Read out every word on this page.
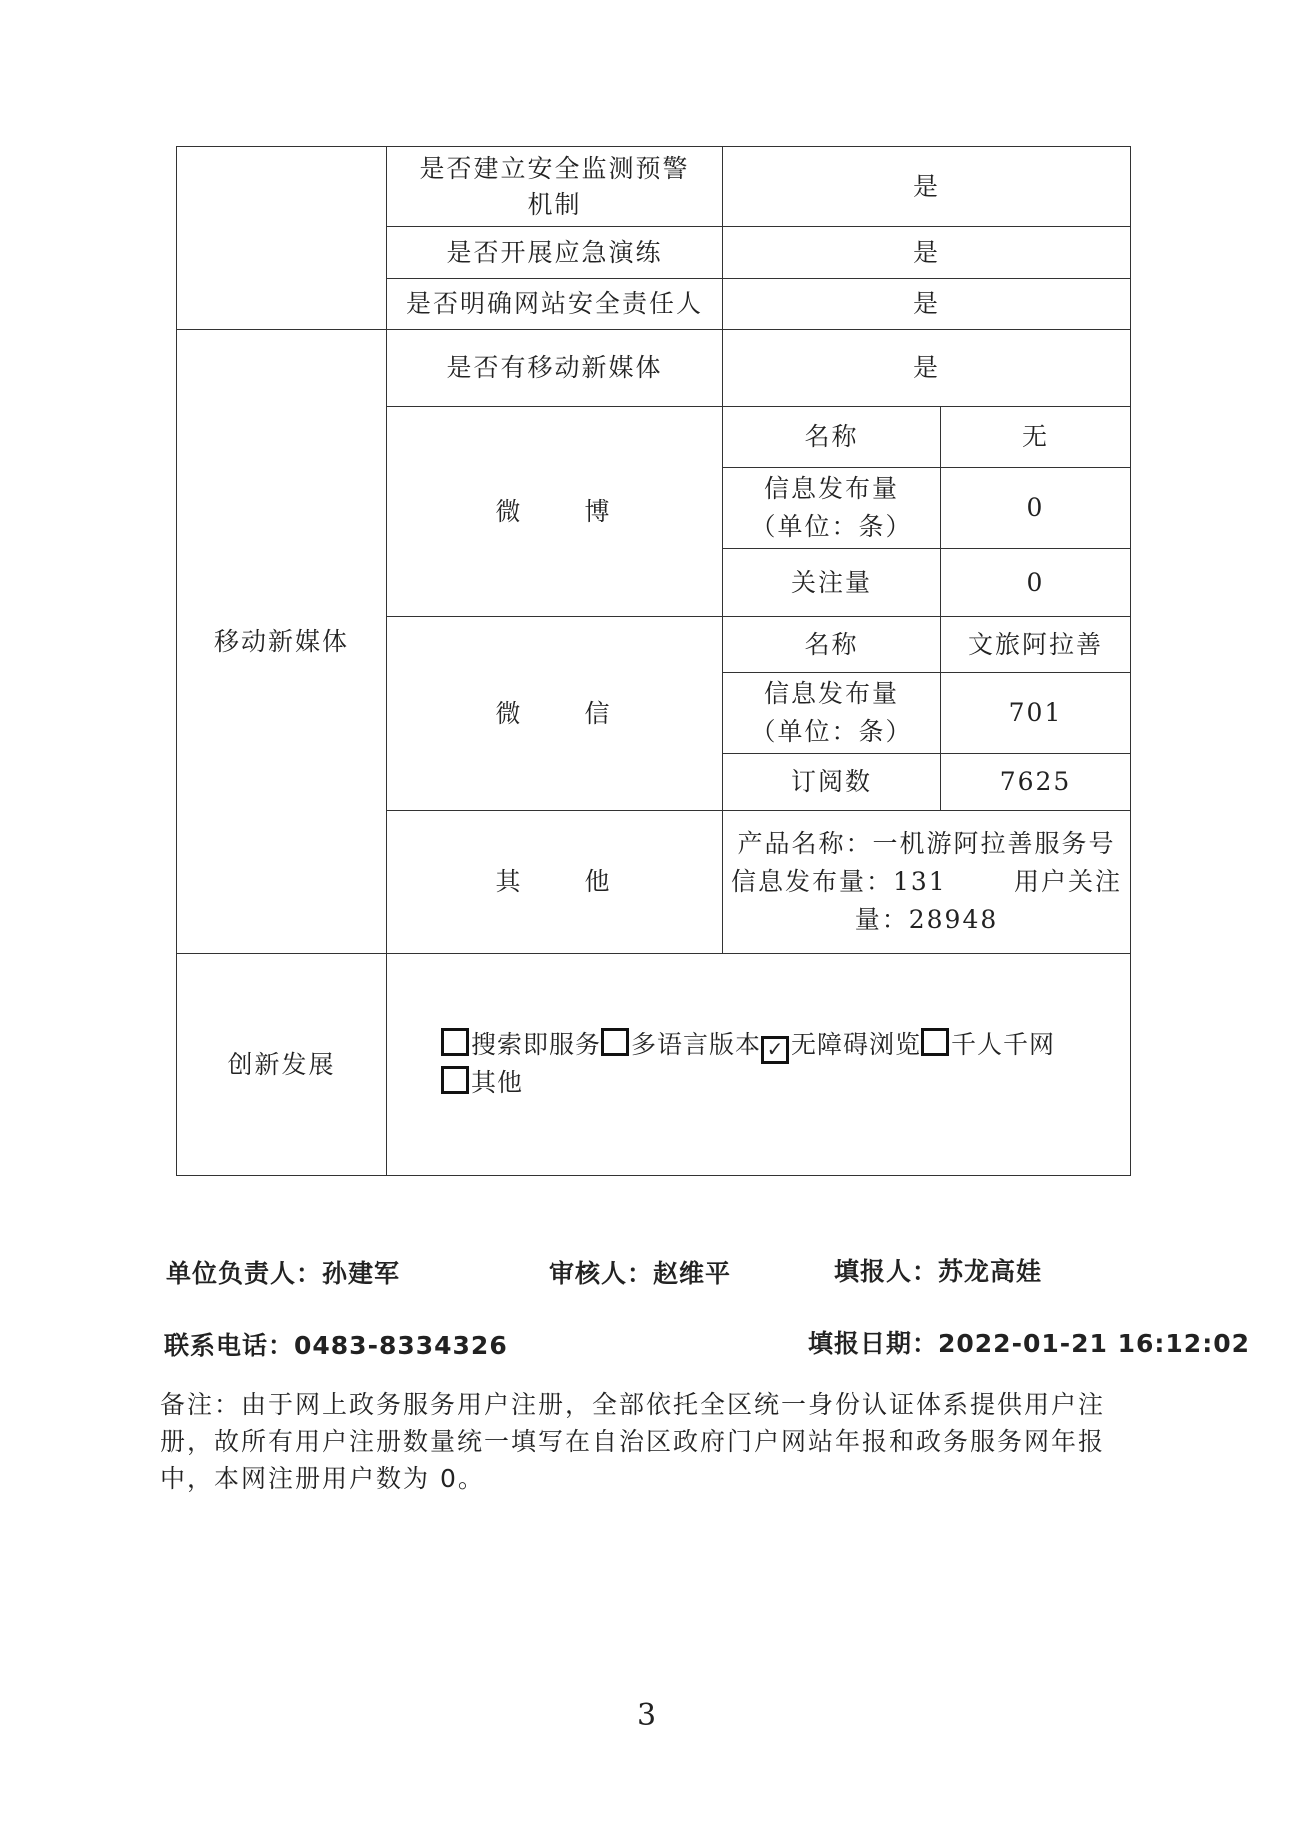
	是否建立安全监测预警
机制	是	
	是否开展应急演练	是	
	是否明确网站安全责任人	是	
移动新媒体	是否有移动新媒体	是	
	微 博	名称	无

		信息发布量
（单位：条）	0
		关注量	0
	微 信	名称	文旅阿拉善

		信息发布量
（单位：条）	701
		订阅数	7625
	其 他	产品名称：一机游阿拉善服务号
信息发布量：131 用户关注
量：28948	

创新发展	搜索即服务 多语言版本 ✓ 无障碍浏览 千人千网其他		
单位负责人：孙建军	审核人：赵维平	填报人：苏龙高娃
联系电话：0483-8334326	填报日期：2022-01-21 16:12:02
备注：由于网上政务服务用户注册，全部依托全区统一身份认证体系提供用户注
册，故所有用户注册数量统一填写在自治区政府门户网站年报和政务服务网年报
中，本网注册用户数为 0。
3
